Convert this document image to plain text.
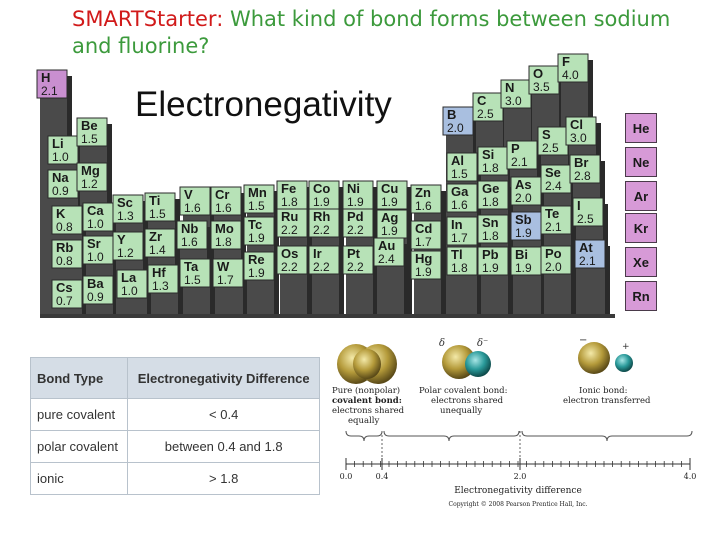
H
2.1
Li
1.0
Be
1.5
Na
0.9
Mg
1.2
K
0.8
Ca
1.0
Rb
0.8
Sr
1.0
Cs
0.7
Ba
0.9
Sc
1.3
Ti
1.5
V
1.6
Cr
1.6
Mn
1.5
Fe
1.8
Co
1.9
Ni
1.9
Cu
1.9
Zn
1.6
Y
1.2
Zr
1.4
Nb
1.6
Mo
1.8
Tc
1.9
Ru
2.2
Rh
2.2
Pd
2.2
Ag
1.9 Cd
1.7
La
1.0
Hf
1.3
Ta
1.5
W
1.7
Re
1.9
Os
2.2
Ir
2.2
Pt
2.2
Au
2.4 Hg
1.9
B
2.0
C
2.5
N
3.0
O
3.5
F
4.0
Al
1.5
Si
1.8
P
2.1
S
2.5
Cl
3.0
Ga
1.6
Ge
1.8
As
2.0
Se
2.4
Br
2.8
In
1.7
Sn
1.8
Sb
1.9
Te
2.1
I
2.5
Tl
1.8
Pb
1.9
Bi
1.9
Po
2.0
At
2.1
SMARTStarter: What kind of bond forms between sodium and fluorine?
Electronegativity
He
Ne
Ar
Kr
Xe
Rn
Bond Type	Electronegativity Difference
pure covalent	< 0.4
polar covalent	between 0.4 and 1.8
ionic	> 1.8
δ	δ⁻	−
+
Pure (nonpolar)
covalent bond:
electrons shared
equally
Polar covalent bond:
electrons shared
unequally
Ionic bond:
electron transferred
0.0	0.4	2.0	4.0
Electronegativity difference
Copyright © 2008 Pearson Prentice Hall, Inc.
